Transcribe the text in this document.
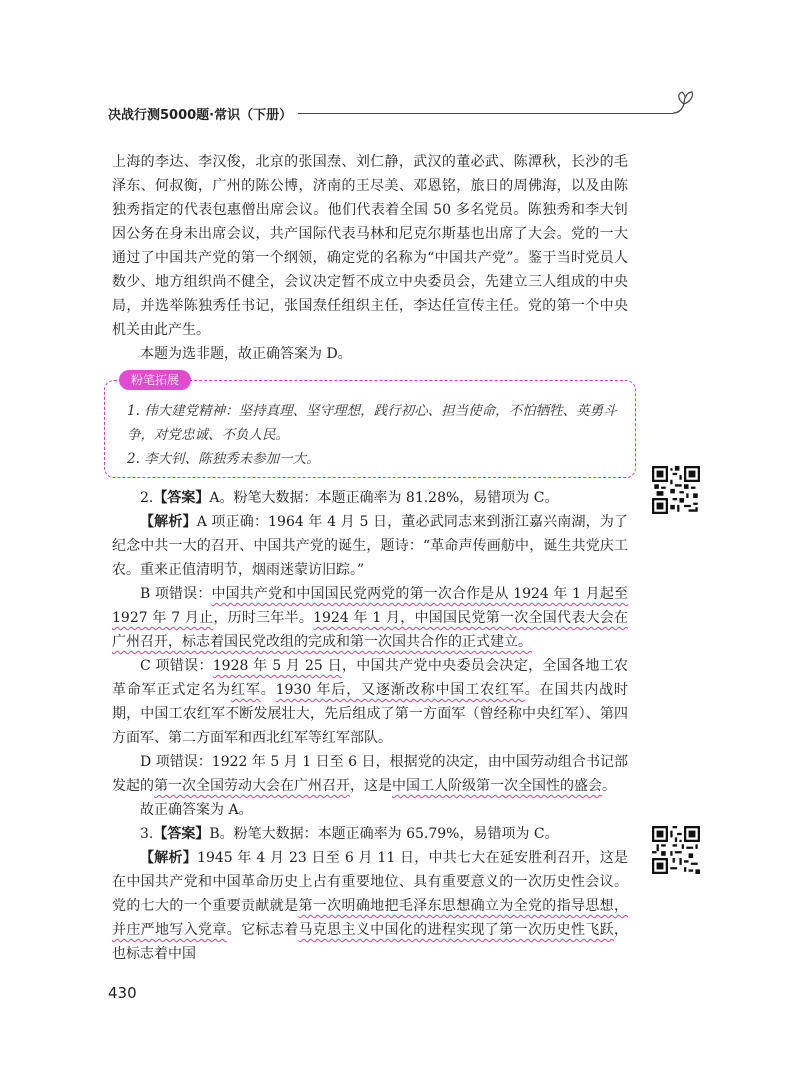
决战行测5000题·常识（下册）

上海的李达、李汉俊，北京的张国焘、刘仁静，武汉的董必武、陈潭秋，长沙的毛泽东、何叔衡，广州的陈公博，济南的王尽美、邓恩铭，旅日的周佛海，以及由陈独秀指定的代表包惠僧出席会议。他们代表着全国 50 多名党员。陈独秀和李大钊因公务在身未出席会议，共产国际代表马林和尼克尔斯基也出席了大会。党的一大通过了中国共产党的第一个纲领，确定党的名称为“中国共产党”。鉴于当时党员人数少、地方组织尚不健全，会议决定暂不成立中央委员会，先建立三人组成的中央局，并选举陈独秀任书记，张国焘任组织主任，李达任宣传主任。党的第一个中央机关由此产生。

本题为选非题，故正确答案为 D。

粉笔拓展
1. 伟大建党精神：坚持真理、坚守理想，践行初心、担当使命，不怕牺牲、英勇斗争，对党忠诚、不负人民。
2. 李大钊、陈独秀未参加一大。

2.【答案】A。粉笔大数据：本题正确率为 81.28%，易错项为 C。

【解析】A 项正确：1964 年 4 月 5 日，董必武同志来到浙江嘉兴南湖，为了纪念中共一大的召开、中国共产党的诞生，题诗：“革命声传画舫中，诞生共党庆工农。重来正值清明节，烟雨迷蒙访旧踪。”

B 项错误：中国共产党和中国国民党两党的第一次合作是从 1924 年 1 月起至 1927 年 7 月止，历时三年半。1924 年 1 月，中国国民党第一次全国代表大会在广州召开，标志着国民党改组的完成和第一次国共合作的正式建立。

C 项错误：1928 年 5 月 25 日，中国共产党中央委员会决定，全国各地工农革命军正式定名为红军。1930 年后，又逐渐改称中国工农红军。在国共内战时期，中国工农红军不断发展壮大，先后组成了第一方面军（曾经称中央红军）、第四方面军、第二方面军和西北红军等红军部队。

D 项错误：1922 年 5 月 1 日至 6 日，根据党的决定，由中国劳动组合书记部发起的第一次全国劳动大会在广州召开，这是中国工人阶级第一次全国性的盛会。

故正确答案为 A。

3.【答案】B。粉笔大数据：本题正确率为 65.79%，易错项为 C。

【解析】1945 年 4 月 23 日至 6 月 11 日，中共七大在延安胜利召开，这是在中国共产党和中国革命历史上占有重要地位、具有重要意义的一次历史性会议。党的七大的一个重要贡献就是第一次明确地把毛泽东思想确立为全党的指导思想，并庄严地写入党章。它标志着马克思主义中国化的进程实现了第一次历史性飞跃，也标志着中国

430
